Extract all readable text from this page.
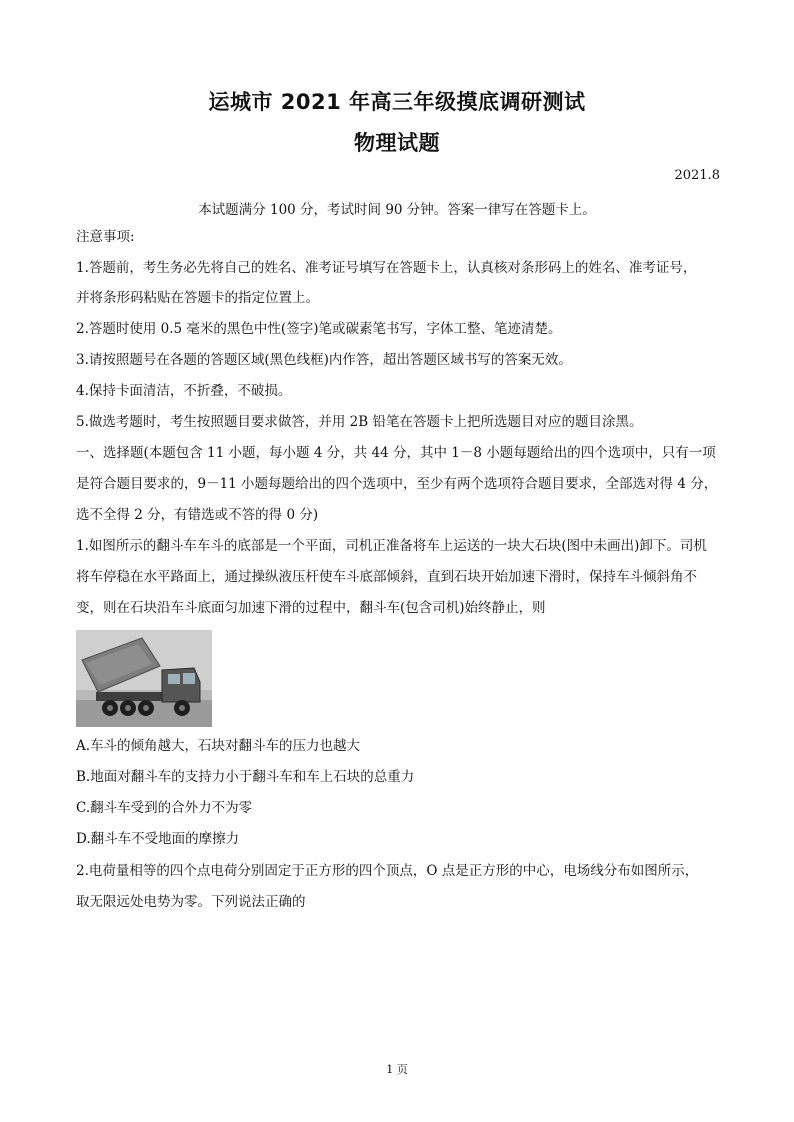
运城市 2021 年高三年级摸底调研测试
物理试题
2021.8
本试题满分 100 分，考试时间 90 分钟。答案一律写在答题卡上。
注意事项:
1.答题前，考生务必先将自己的姓名、准考证号填写在答题卡上，认真核对条形码上的姓名、准考证号，
并将条形码粘贴在答题卡的指定位置上。
2.答题时使用 0.5 毫米的黑色中性(签字)笔或碳素笔书写，字体工整、笔迹清楚。
3.请按照题号在各题的答题区域(黑色线框)内作答，超出答题区域书写的答案无效。
4.保持卡面清洁，不折叠，不破损。
5.做选考题时，考生按照题目要求做答，并用 2B 铅笔在答题卡上把所选题目对应的题目涂黑。
一、选择题(本题包含 11 小题，每小题 4 分，共 44 分，其中 1－8 小题每题给出的四个选项中，只有一项
是符合题目要求的，9－11 小题每题给出的四个选项中，至少有两个选项符合题目要求，全部选对得 4 分，
选不全得 2 分，有错选或不答的得 0 分)
1.如图所示的翻斗车车斗的底部是一个平面，司机正准备将车上运送的一块大石块(图中未画出)卸下。司机
将车停稳在水平路面上，通过操纵液压杆使车斗底部倾斜，直到石块开始加速下滑时，保持车斗倾斜角不
变，则在石块沿车斗底面匀加速下滑的过程中，翻斗车(包含司机)始终静止，则
A.车斗的倾角越大，石块对翻斗车的压力也越大
B.地面对翻斗车的支持力小于翻斗车和车上石块的总重力
C.翻斗车受到的合外力不为零
D.翻斗车不受地面的摩擦力
2.电荷量相等的四个点电荷分别固定于正方形的四个顶点，O 点是正方形的中心，电场线分布如图所示，
取无限远处电势为零。下列说法正确的
1 页
